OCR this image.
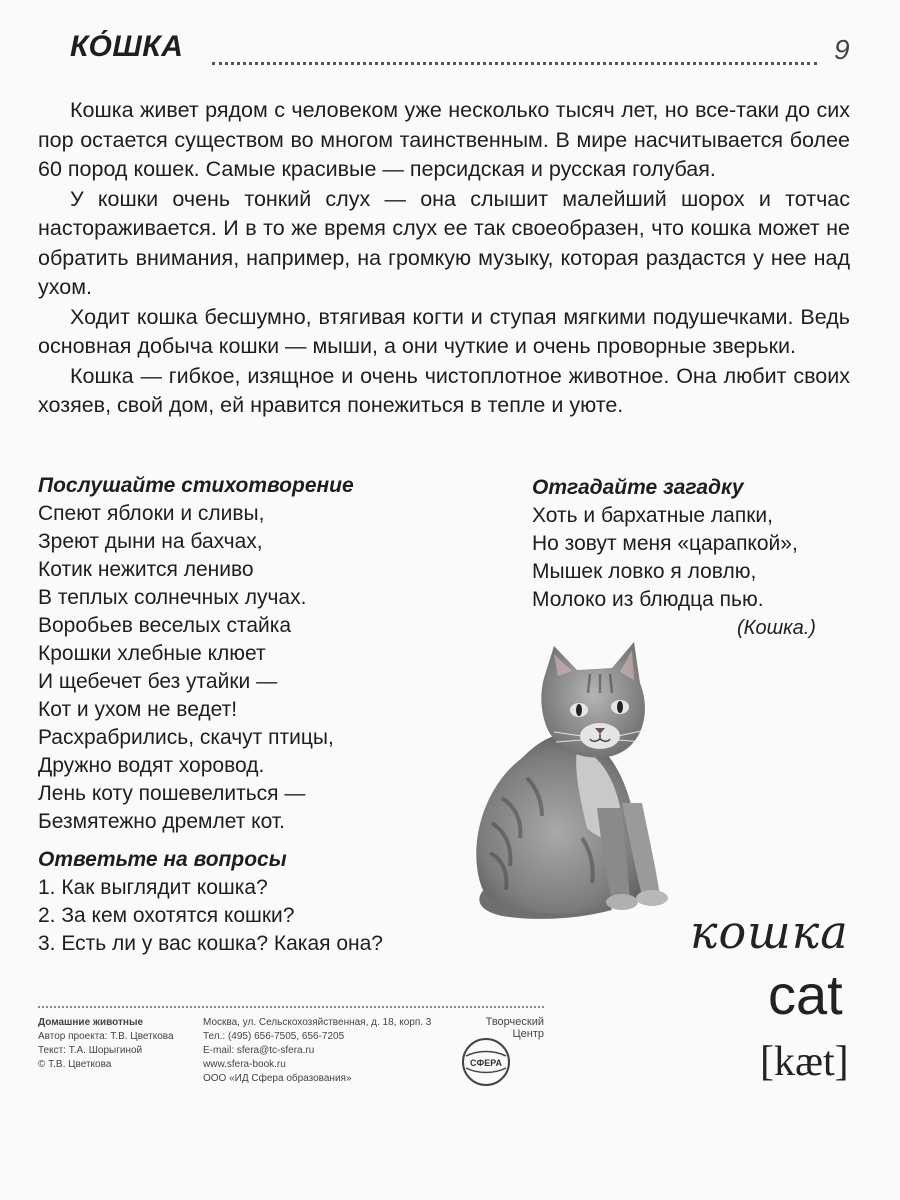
КО́ШКА	9

Кошка живет рядом с человеком уже несколько тысяч лет, но все-таки до сих пор остается существом во многом таинственным. В мире насчитывается более 60 пород кошек. Самые красивые — персидская и русская голубая.

У кошки очень тонкий слух — она слышит малейший шорох и тотчас настораживается. И в то же время слух ее так своеобразен, что кошка может не обратить внимания, например, на громкую музыку, которая раздастся у нее над ухом.

Ходит кошка бесшумно, втягивая когти и ступая мягкими подушечками. Ведь основная добыча кошки — мыши, а они чуткие и очень проворные зверьки.

Кошка — гибкое, изящное и очень чистоплотное животное. Она любит своих хозяев, свой дом, ей нравится понежиться в тепле и уюте.

Послушайте стихотворение

Спеют яблоки и сливы,

Зреют дыни на бахчах,

Котик нежится лениво

В теплых солнечных лучах.

Воробьев веселых стайка

Крошки хлебные клюет

И щебечет без утайки —

Кот и ухом не ведет!

Расхрабрились, скачут птицы,

Дружно водят хоровод.

Лень коту пошевелиться —

Безмятежно дремлет кот.

Ответьте на вопросы

1. Как выглядит кошка?

2. За кем охотятся кошки?

3. Есть ли у вас кошка? Какая она?

Отгадайте загадку

Хоть и бархатные лапки,

Но зовут меня «царапкой»,

Мышек ловко я ловлю,

Молоко из блюдца пью.

(Кошка.)

кошка
cat
[kæt]
Домашние животные
Автор проекта: Т.В. Цветкова
Текст: Т.А. Шорыгиной
© Т.В. Цветкова
Москва, ул. Сельскохозяйственная, д. 18, корп. 3
Тел.: (495) 656-7505, 656-7205
E-mail: sfera@tc-sfera.ru
www.sfera-book.ru
ООО «ИД Сфера образования»
Творческий
Центр
СФЕРА
